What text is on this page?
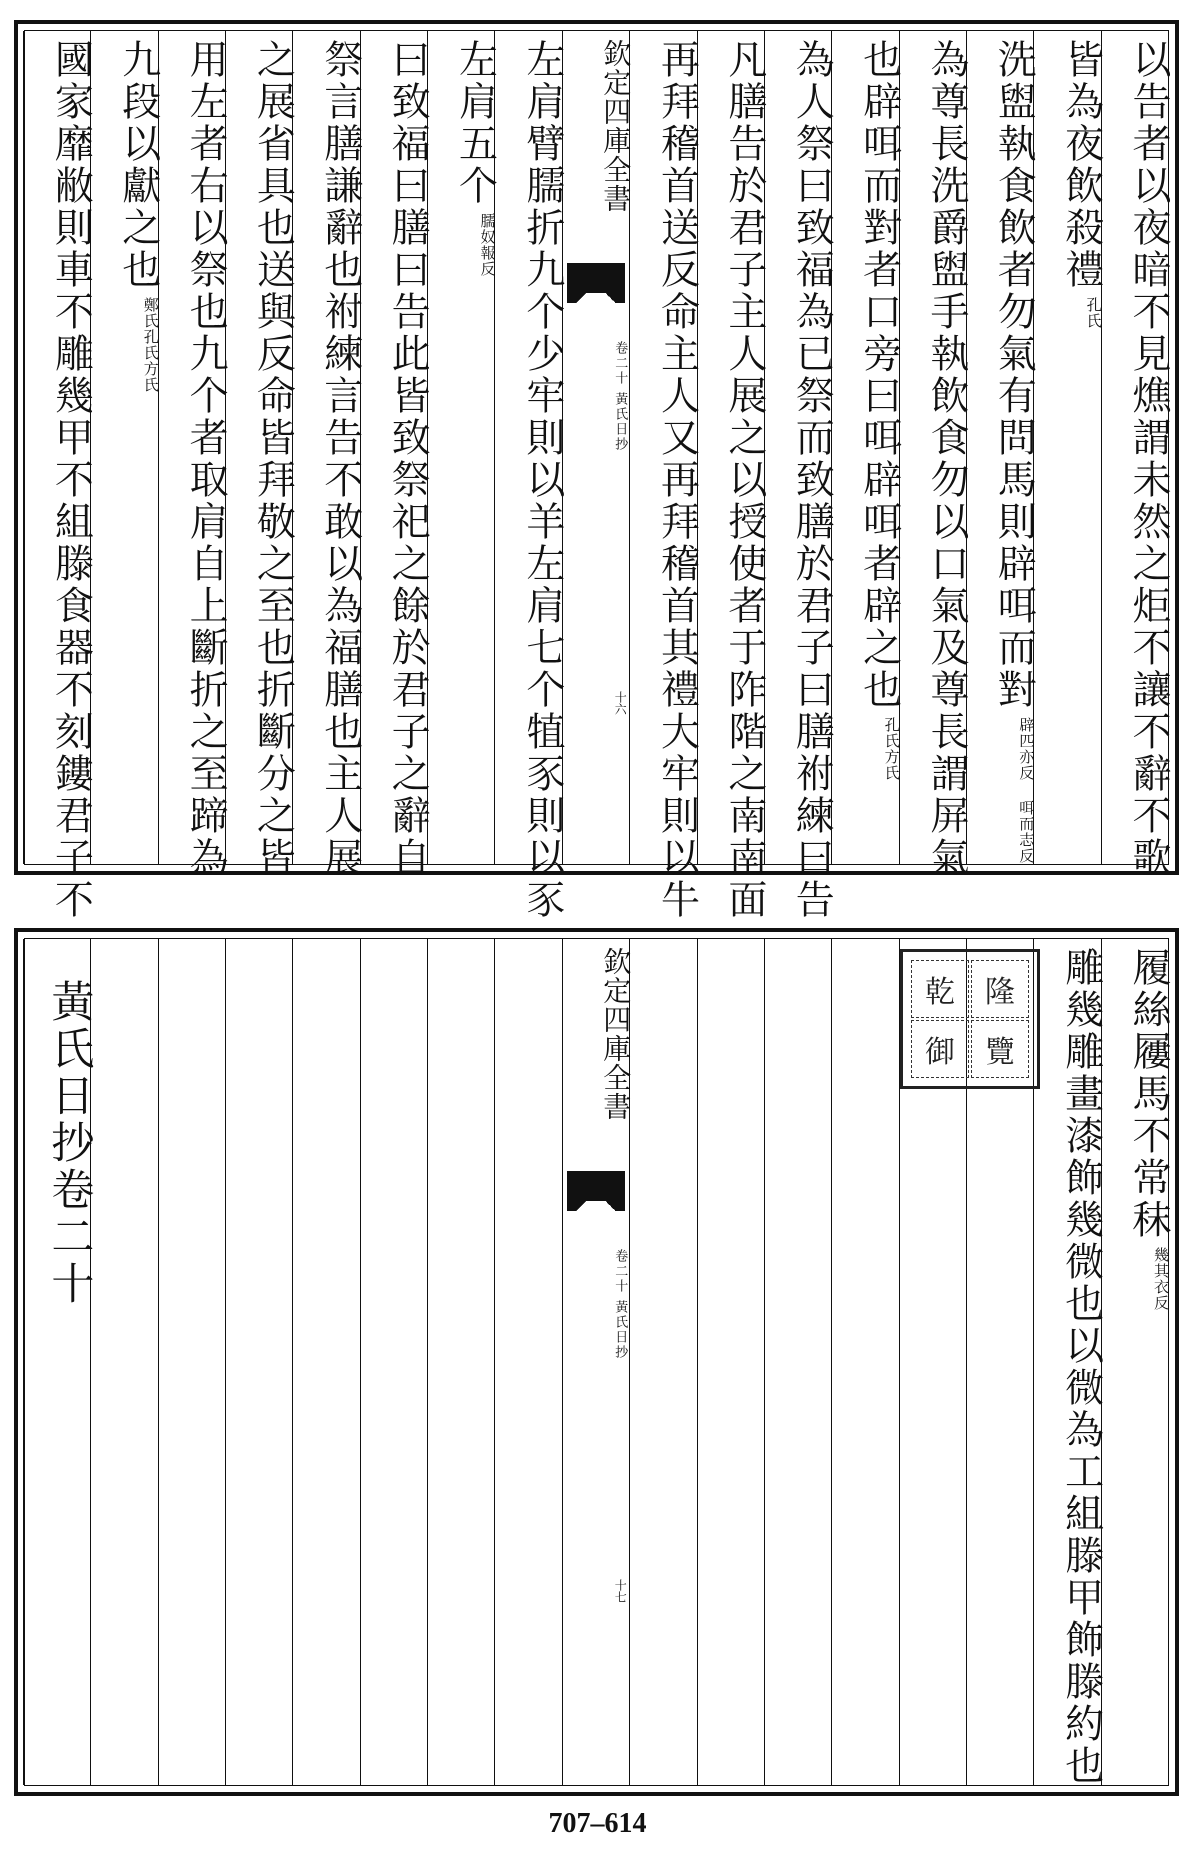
以告者以夜暗不見燋謂未然之炬不讓不辭不歌
皆為夜飲殺禮
孔氏
洗盥執食飲者勿氣有問馬則辟咡而對
辟匹亦反 咡而志反
為尊長洗爵盥手執飲食勿以口氣及尊長謂屏氣
也辟咡而對者口旁曰咡辟咡者辟之也
孔氏方氏
為人祭曰致福為已祭而致膳於君子曰膳祔練曰告
凡膳告於君子主人展之以授使者于阼階之南南面
再拜稽首送反命主人又再拜稽首其禮大牢則以牛
欽定四庫全書
卷二十
黃氏日抄
十六
左肩臂臑折九个少牢則以羊左肩七个犆豕則以豕
左肩五个
臑奴報反
曰致福曰膳曰告此皆致祭祀之餘於君子之辭自
祭言膳謙辭也祔練言告不敢以為福膳也主人展
之展省具也送與反命皆拜敬之至也折斷分之皆
用左者右以祭也九个者取肩自上斷折之至蹄為
九段以獻之也
鄭氏孔氏方氏
國家靡敝則車不雕幾甲不組滕食器不刻鏤君子不
履絲屨馬不常秣
幾其衣反
雕幾雕畫漆飾幾微也以微為工組滕甲飾滕約也
欽定四庫全書
卷二十
黃氏日抄
十七
黃氏日抄卷二十	乾	隆
御	覽
707–614
